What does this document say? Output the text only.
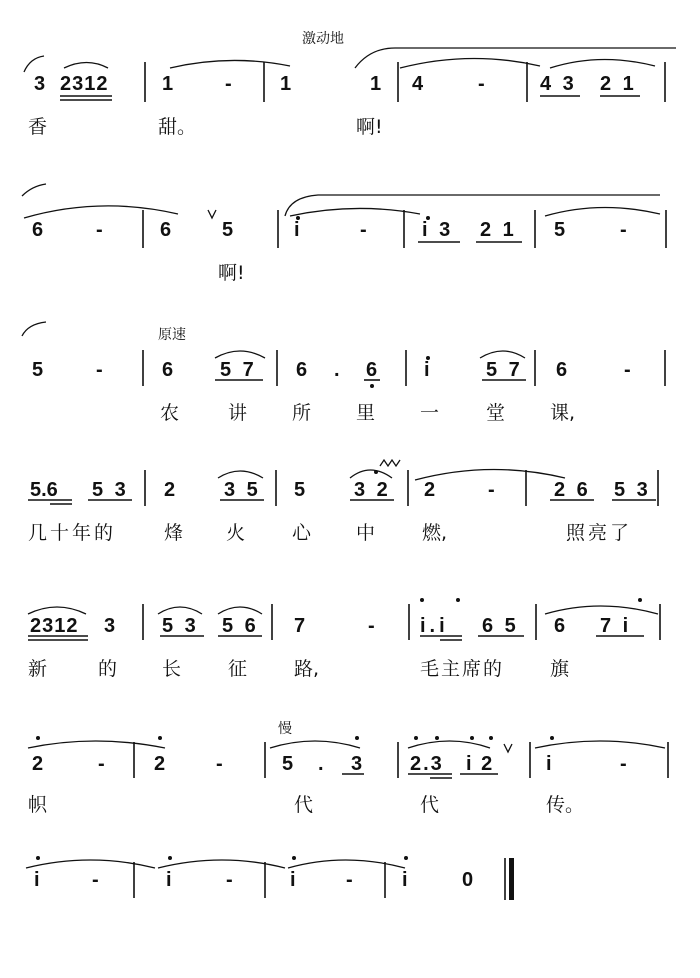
激动地
原速
慢
3 2312	1	- 1	1 4	-	4 3 2 1
香	甜。	啊!
6	-	6	5	i	-	i 3 2 1 5	-
啊!
5	-	6 5 7 6 . 6 i	5 7 6	-
农	讲 所 里 一 堂 课,
5.6 5 3 2 3 5 5 3 2 2	-	2 6 5 3
几十年的	烽 火 心 中 燃,	照亮了
2312 3 5 3 5 6 7	- i.i 6 5 6 7 i
新	的 长 征 路,	毛主席的 旗
2	- 2	-	5 . 3 2.3 i 2	i	-
帜	代	代	传。
i	-	i	-	i	- i	0
